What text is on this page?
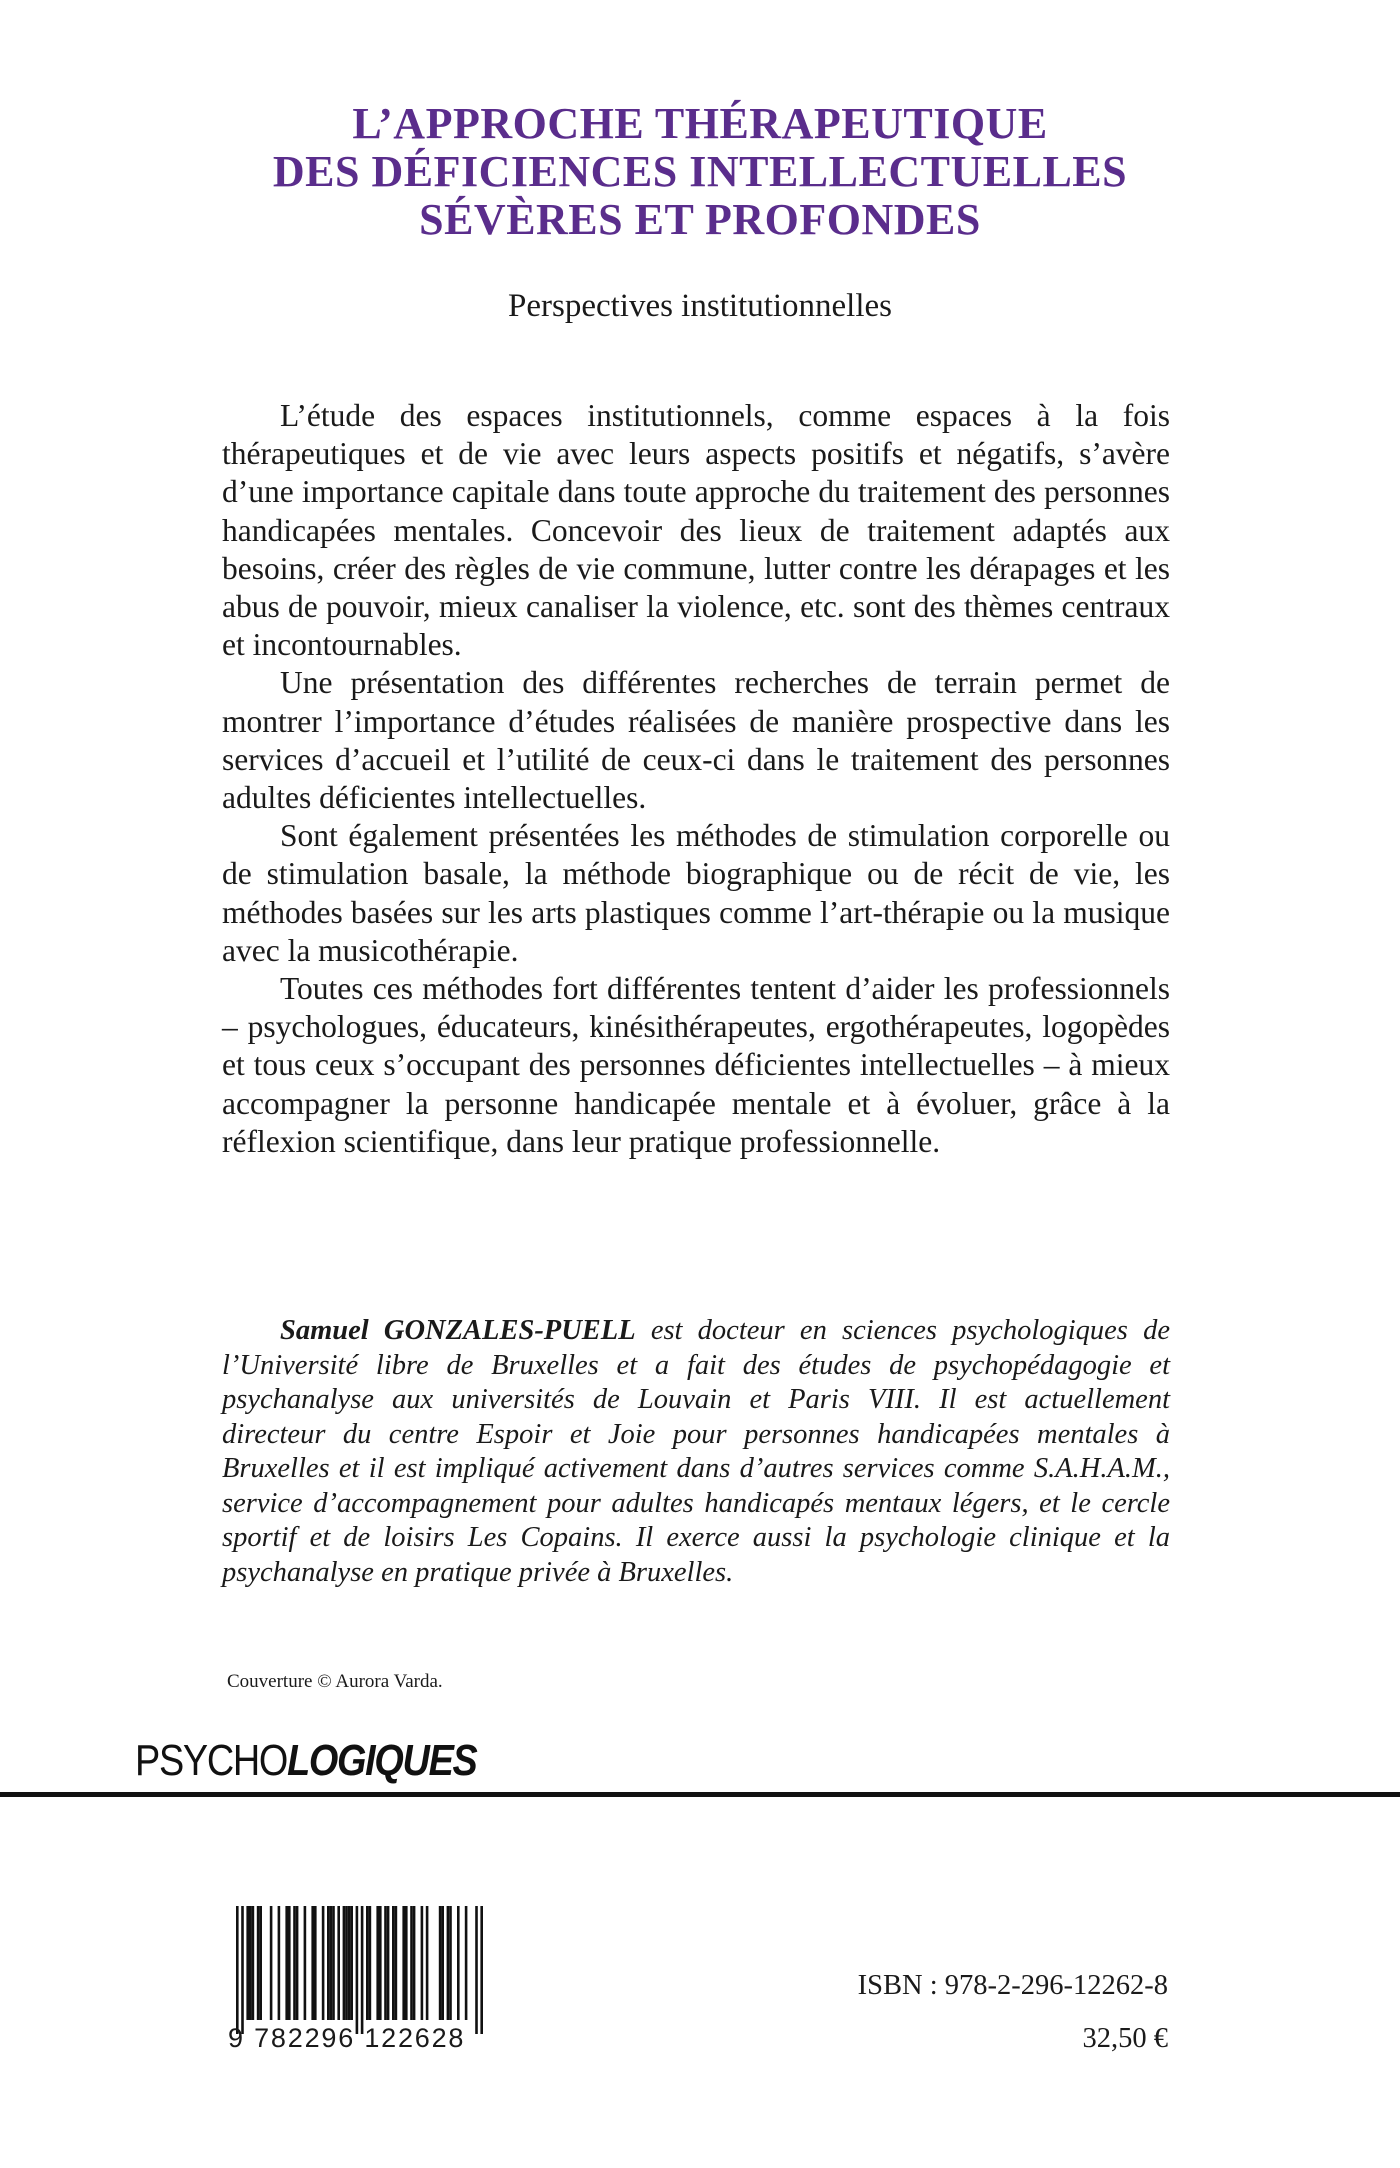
L’APPROCHE THÉRAPEUTIQUE
DES DÉFICIENCES INTELLECTUELLES
SÉVÈRES ET PROFONDES
Perspectives institutionnelles

L’étude des espaces institutionnels, comme espaces à la fois thérapeutiques et de vie avec leurs aspects positifs et négatifs, s’avère d’une importance capitale dans toute approche du traitement des personnes handicapées mentales. Concevoir des lieux de traitement adaptés aux besoins, créer des règles de vie commune, lutter contre les dérapages et les abus de pouvoir, mieux canaliser la violence, etc. sont des thèmes centraux et incontournables.

Une présentation des différentes recherches de terrain permet de montrer l’importance d’études réalisées de manière prospective dans les services d’accueil et l’utilité de ceux-ci dans le traitement des personnes adultes déficientes intellectuelles.

Sont également présentées les méthodes de stimulation corporelle ou de stimulation basale, la méthode biographique ou de récit de vie, les méthodes basées sur les arts plastiques comme l’art-thérapie ou la musique avec la musicothérapie.

Toutes ces méthodes fort différentes tentent d’aider les professionnels – psychologues, éducateurs, kinésithérapeutes, ergothérapeutes, logopèdes et tous ceux s’occupant des personnes déficientes intellectuelles – à mieux accompagner la personne handicapée mentale et à évoluer, grâce à la réflexion scientifique, dans leur pratique professionnelle.

Samuel GONZALES-PUELL est docteur en sciences psychologiques de l’Université libre de Bruxelles et a fait des études de psychopédagogie et psychanalyse aux universités de Louvain et Paris VIII. Il est actuellement directeur du centre Espoir et Joie pour personnes handicapées mentales à Bruxelles et il est impliqué activement dans d’autres services comme S.A.H.A.M., service d’accompagnement pour adultes handicapés mentaux légers, et le cercle sportif et de loisirs Les Copains. Il exerce aussi la psychologie clinique et la psychanalyse en pratique privée à Bruxelles.

Couverture © Aurora Varda.
PSYCHOLOGIQUES
9 782296 122628
ISBN : 978-2-296-12262-8
32,50 €
